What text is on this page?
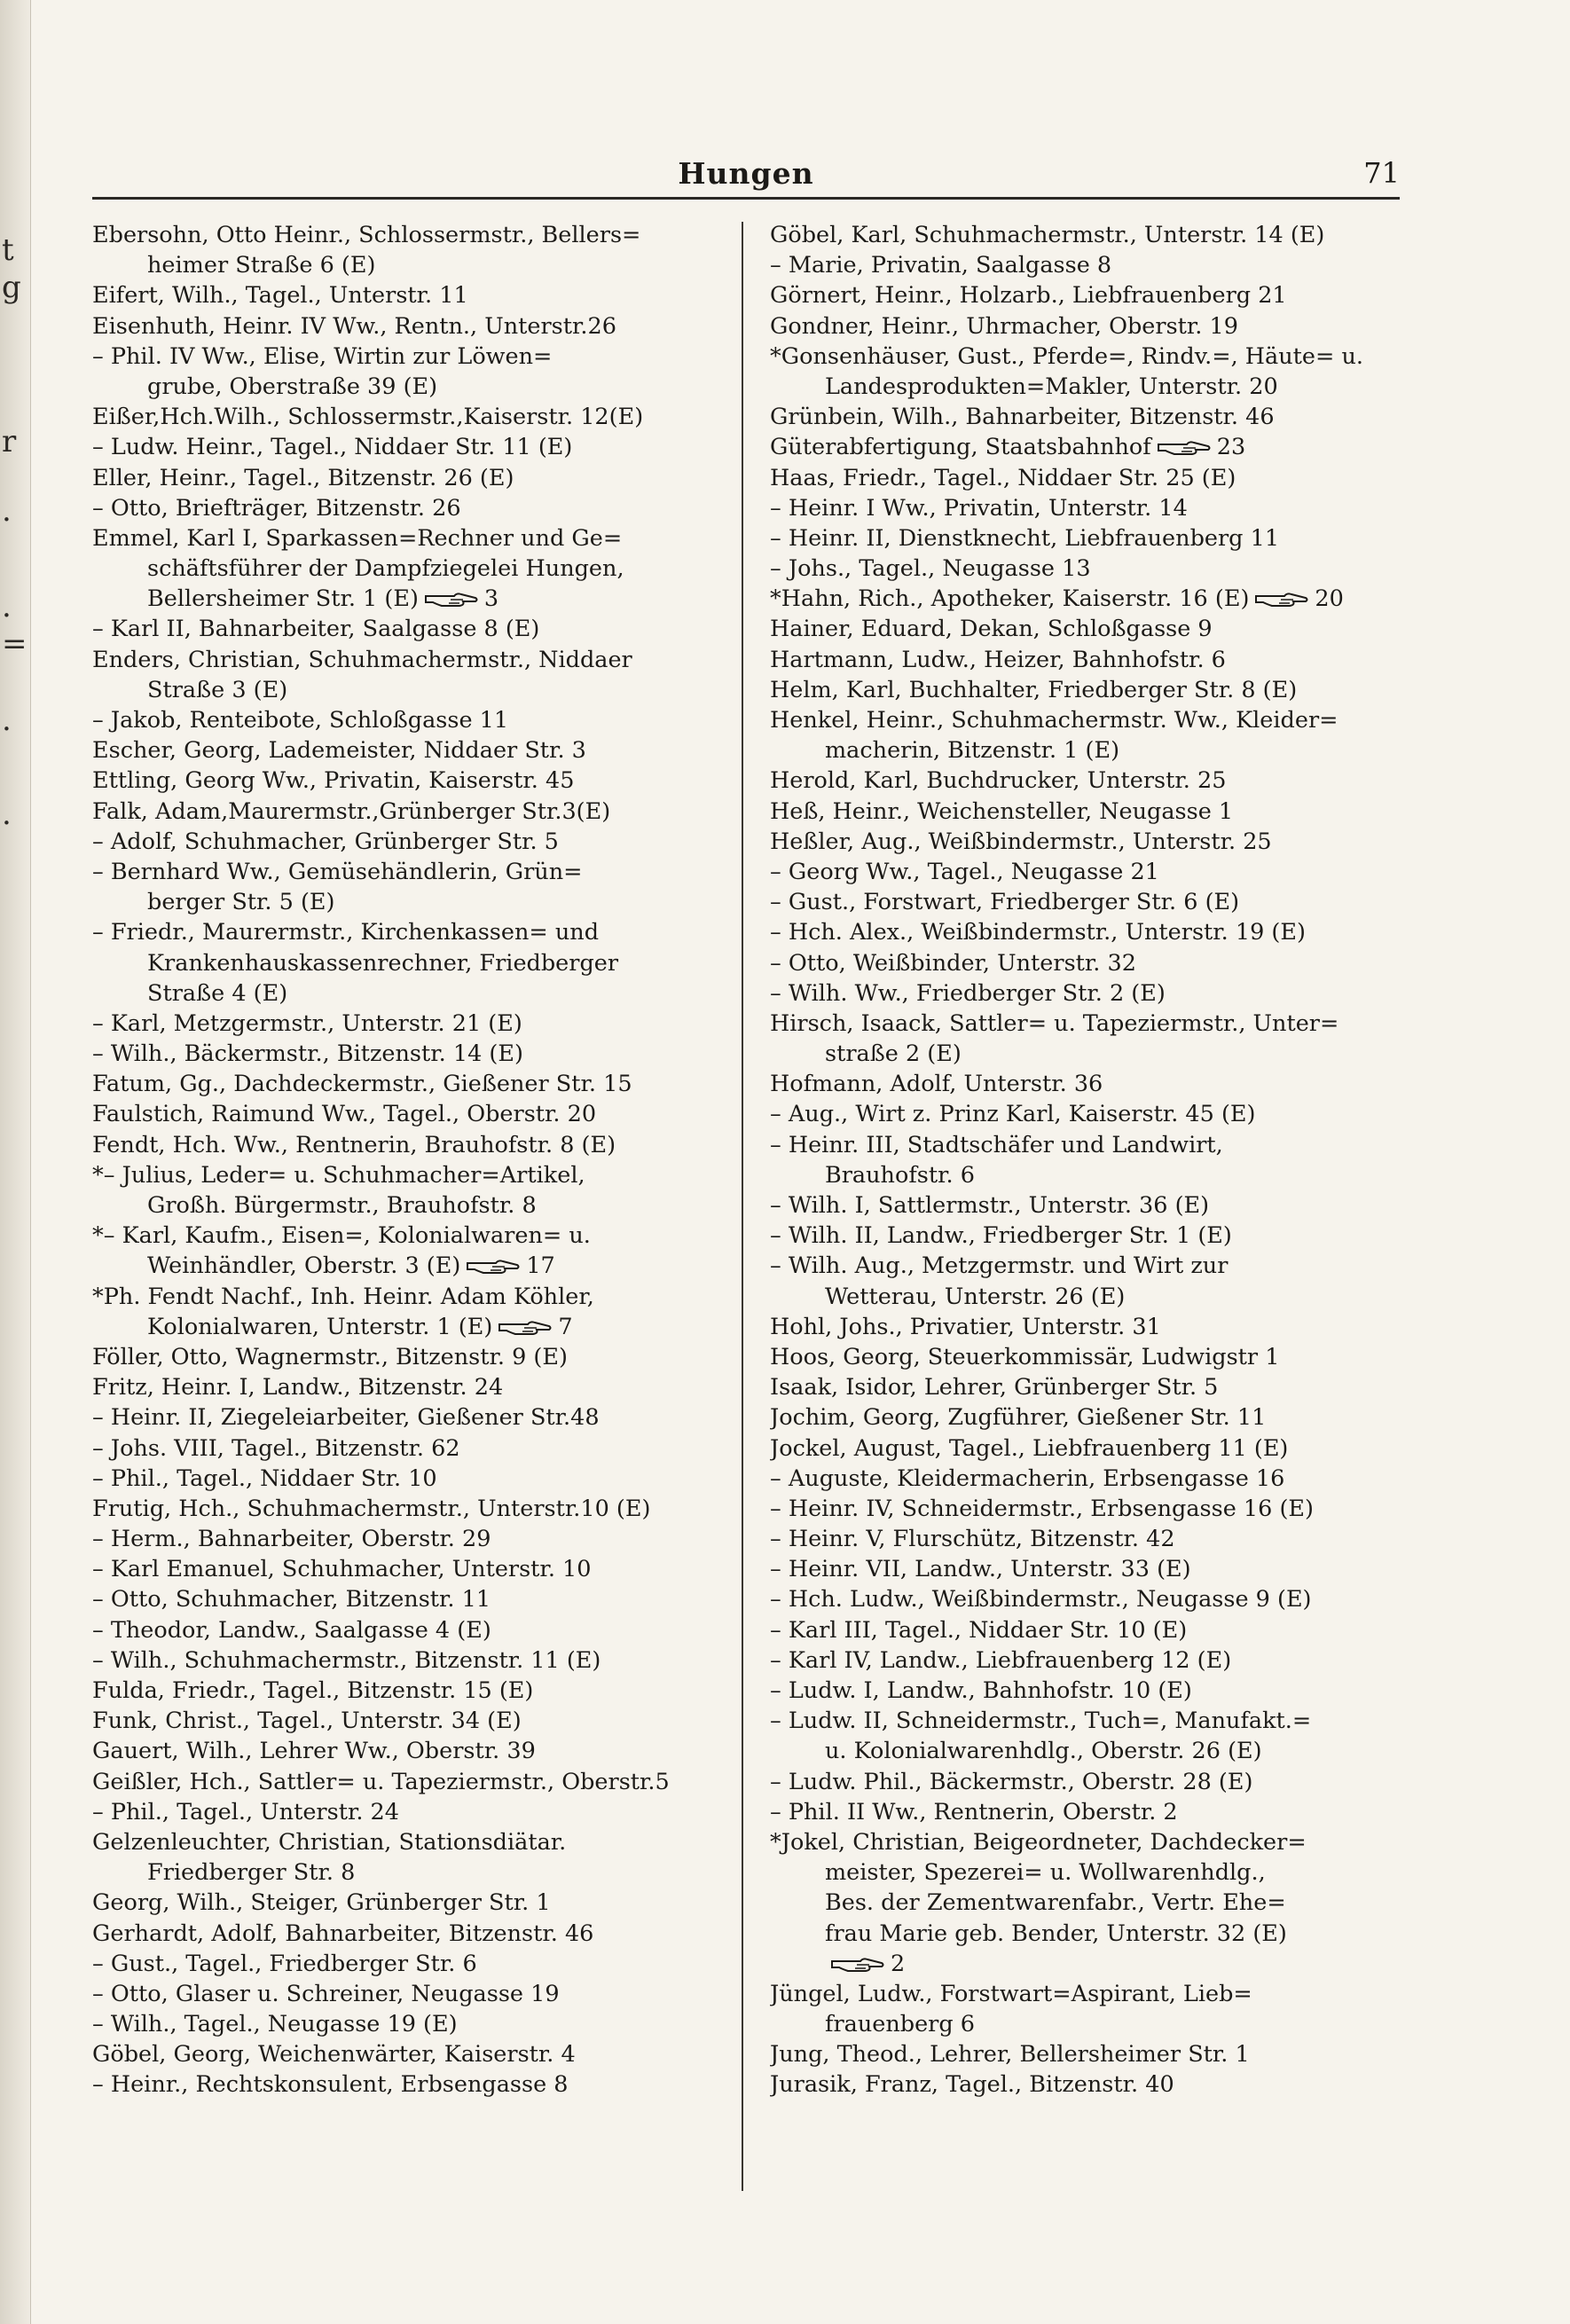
t
g
r
.
.
=
.
.
Hungen	71
Ebersohn, Otto Heinr., Schlossermstr., Bellers=
heimer Straße 6 (E)
Eifert, Wilh., Tagel., Unterstr. 11
Eisenhuth, Heinr. IV Ww., Rentn., Unterstr.26
– Phil. IV Ww., Elise, Wirtin zur Löwen=
grube, Oberstraße 39 (E)
Eißer,Hch.Wilh., Schlossermstr.,Kaiserstr. 12(E)
– Ludw. Heinr., Tagel., Niddaer Str. 11 (E)
Eller, Heinr., Tagel., Bitzenstr. 26 (E)
– Otto, Briefträger, Bitzenstr. 26
Emmel, Karl I, Sparkassen=Rechner und Ge=
schäftsführer der Dampfziegelei Hungen,
Bellersheimer Str. 1 (E)	3
– Karl II, Bahnarbeiter, Saalgasse 8 (E)
Enders, Christian, Schuhmachermstr., Niddaer
Straße 3 (E)
– Jakob, Renteibote, Schloßgasse 11
Escher, Georg, Lademeister, Niddaer Str. 3
Ettling, Georg Ww., Privatin, Kaiserstr. 45
Falk, Adam,Maurermstr.,Grünberger Str.3(E)
– Adolf, Schuhmacher, Grünberger Str. 5
– Bernhard Ww., Gemüsehändlerin, Grün=
berger Str. 5 (E)
– Friedr., Maurermstr., Kirchenkassen= und
Krankenhauskassenrechner, Friedberger
Straße 4 (E)
– Karl, Metzgermstr., Unterstr. 21 (E)
– Wilh., Bäckermstr., Bitzenstr. 14 (E)
Fatum, Gg., Dachdeckermstr., Gießener Str. 15
Faulstich, Raimund Ww., Tagel., Oberstr. 20
Fendt, Hch. Ww., Rentnerin, Brauhofstr. 8 (E)
*– Julius, Leder= u. Schuhmacher=Artikel,
Großh. Bürgermstr., Brauhofstr. 8
*– Karl, Kaufm., Eisen=, Kolonialwaren= u.
Weinhändler, Oberstr. 3 (E)	17
*Ph. Fendt Nachf., Inh. Heinr. Adam Köhler,
Kolonialwaren, Unterstr. 1 (E)	7
Föller, Otto, Wagnermstr., Bitzenstr. 9 (E)
Fritz, Heinr. I, Landw., Bitzenstr. 24
– Heinr. II, Ziegeleiarbeiter, Gießener Str.48
– Johs. VIII, Tagel., Bitzenstr. 62
– Phil., Tagel., Niddaer Str. 10
Frutig, Hch., Schuhmachermstr., Unterstr.10 (E)
– Herm., Bahnarbeiter, Oberstr. 29
– Karl Emanuel, Schuhmacher, Unterstr. 10
– Otto, Schuhmacher, Bitzenstr. 11
– Theodor, Landw., Saalgasse 4 (E)
– Wilh., Schuhmachermstr., Bitzenstr. 11 (E)
Fulda, Friedr., Tagel., Bitzenstr. 15 (E)
Funk, Christ., Tagel., Unterstr. 34 (E)
Gauert, Wilh., Lehrer Ww., Oberstr. 39
Geißler, Hch., Sattler= u. Tapeziermstr., Oberstr.5
– Phil., Tagel., Unterstr. 24
Gelzenleuchter, Christian, Stationsdiätar.
Friedberger Str. 8
Georg, Wilh., Steiger, Grünberger Str. 1
Gerhardt, Adolf, Bahnarbeiter, Bitzenstr. 46
– Gust., Tagel., Friedberger Str. 6
– Otto, Glaser u. Schreiner, Neugasse 19
– Wilh., Tagel., Neugasse 19 (E)
Göbel, Georg, Weichenwärter, Kaiserstr. 4
– Heinr., Rechtskonsulent, Erbsengasse 8
Göbel, Karl, Schuhmachermstr., Unterstr. 14 (E)
– Marie, Privatin, Saalgasse 8
Görnert, Heinr., Holzarb., Liebfrauenberg 21
Gondner, Heinr., Uhrmacher, Oberstr. 19
*Gonsenhäuser, Gust., Pferde=, Rindv.=, Häute= u.
Landesprodukten=Makler, Unterstr. 20
Grünbein, Wilh., Bahnarbeiter, Bitzenstr. 46
Güterabfertigung, Staatsbahnhof	23
Haas, Friedr., Tagel., Niddaer Str. 25 (E)
– Heinr. I Ww., Privatin, Unterstr. 14
– Heinr. II, Dienstknecht, Liebfrauenberg 11
– Johs., Tagel., Neugasse 13
*Hahn, Rich., Apotheker, Kaiserstr. 16 (E)	20
Hainer, Eduard, Dekan, Schloßgasse 9
Hartmann, Ludw., Heizer, Bahnhofstr. 6
Helm, Karl, Buchhalter, Friedberger Str. 8 (E)
Henkel, Heinr., Schuhmachermstr. Ww., Kleider=
macherin, Bitzenstr. 1 (E)
Herold, Karl, Buchdrucker, Unterstr. 25
Heß, Heinr., Weichensteller, Neugasse 1
Heßler, Aug., Weißbindermstr., Unterstr. 25
– Georg Ww., Tagel., Neugasse 21
– Gust., Forstwart, Friedberger Str. 6 (E)
– Hch. Alex., Weißbindermstr., Unterstr. 19 (E)
– Otto, Weißbinder, Unterstr. 32
– Wilh. Ww., Friedberger Str. 2 (E)
Hirsch, Isaack, Sattler= u. Tapeziermstr., Unter=
straße 2 (E)
Hofmann, Adolf, Unterstr. 36
– Aug., Wirt z. Prinz Karl, Kaiserstr. 45 (E)
– Heinr. III, Stadtschäfer und Landwirt,
Brauhofstr. 6
– Wilh. I, Sattlermstr., Unterstr. 36 (E)
– Wilh. II, Landw., Friedberger Str. 1 (E)
– Wilh. Aug., Metzgermstr. und Wirt zur
Wetterau, Unterstr. 26 (E)
Hohl, Johs., Privatier, Unterstr. 31
Hoos, Georg, Steuerkommissär, Ludwigstr 1
Isaak, Isidor, Lehrer, Grünberger Str. 5
Jochim, Georg, Zugführer, Gießener Str. 11
Jockel, August, Tagel., Liebfrauenberg 11 (E)
– Auguste, Kleidermacherin, Erbsengasse 16
– Heinr. IV, Schneidermstr., Erbsengasse 16 (E)
– Heinr. V, Flurschütz, Bitzenstr. 42
– Heinr. VII, Landw., Unterstr. 33 (E)
– Hch. Ludw., Weißbindermstr., Neugasse 9 (E)
– Karl III, Tagel., Niddaer Str. 10 (E)
– Karl IV, Landw., Liebfrauenberg 12 (E)
– Ludw. I, Landw., Bahnhofstr. 10 (E)
– Ludw. II, Schneidermstr., Tuch=, Manufakt.=
u. Kolonialwarenhdlg., Oberstr. 26 (E)
– Ludw. Phil., Bäckermstr., Oberstr. 28 (E)
– Phil. II Ww., Rentnerin, Oberstr. 2
*Jokel, Christian, Beigeordneter, Dachdecker=
meister, Spezerei= u. Wollwarenhdlg.,
Bes. der Zementwarenfabr., Vertr. Ehe=
frau Marie geb. Bender, Unterstr. 32 (E)
2
Jüngel, Ludw., Forstwart=Aspirant, Lieb=
frauenberg 6
Jung, Theod., Lehrer, Bellersheimer Str. 1
Jurasik, Franz, Tagel., Bitzenstr. 40
